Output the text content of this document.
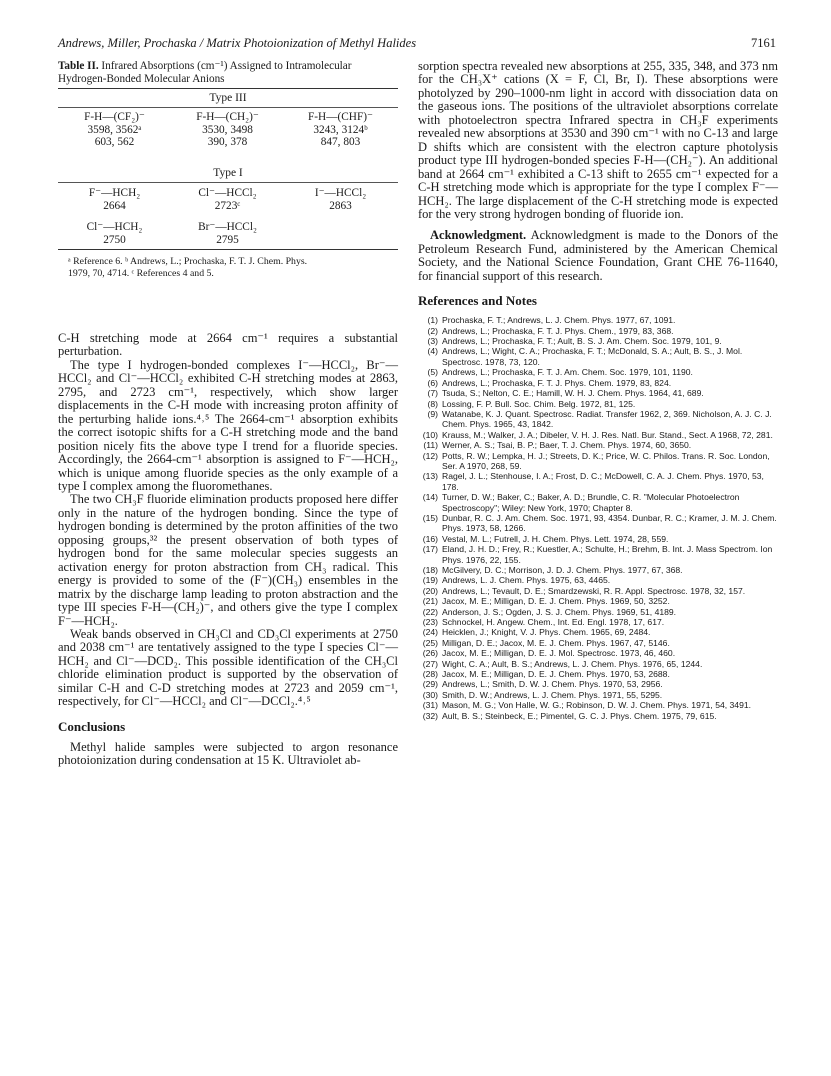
Andrews, Miller, Prochaska / Matrix Photoionization of Methyl Halides	7161
Table II. Infrared Absorptions (cm⁻¹) Assigned to Intramolecular Hydrogen-Bonded Molecular Anions
Type III
F-H—(CF₂)⁻	F-H—(CH₂)⁻	F-H—(CHF)⁻
3598, 3562ᵃ	3530, 3498	3243, 3124ᵇ
603, 562	390, 378	847, 803
Type I
F⁻—HCH₂	Cl⁻—HCCl₂	I⁻—HCCl₂
2664	2723ᶜ	2863
Cl⁻—HCH₂	Br⁻—HCCl₂
2750	2795
ᵃ Reference 6. ᵇ Andrews, L.; Prochaska, F. T. J. Chem. Phys.
1979, 70, 4714. ᶜ References 4 and 5.

C-H stretching mode at 2664 cm⁻¹ requires a substantial perturbation.

The type I hydrogen-bonded complexes I⁻—HCCl₂, Br⁻—HCCl₂ and Cl⁻—HCCl₂ exhibited C-H stretching modes at 2863, 2795, and 2723 cm⁻¹, respectively, which show larger displacements in the C-H mode with increasing proton affinity of the perturbing halide ions.⁴˒⁵ The 2664-cm⁻¹ absorption exhibits the correct isotopic shifts for a C-H stretching mode and the band position nicely fits the above type I trend for a fluoride species. Accordingly, the 2664-cm⁻¹ absorption is assigned to F⁻—HCH₂, which is unique among fluoride species as the only example of a type I complex among the fluoromethanes.

The two CH₃F fluoride elimination products proposed here differ only in the nature of the hydrogen bonding. Since the type of hydrogen bonding is determined by the proton affinities of the two opposing groups,³² the present observation of both types of hydrogen bond for the same molecular species suggests an activation energy for proton abstraction from CH₃ radical. This energy is provided to some of the (F⁻)(CH₃) ensembles in the matrix by the discharge lamp leading to proton abstraction and the type III species F-H—(CH₂)⁻, and others give the type I complex F⁻—HCH₂.

Weak bands observed in CH₃Cl and CD₃Cl experiments at 2750 and 2038 cm⁻¹ are tentatively assigned to the type I species Cl⁻—HCH₂ and Cl⁻—DCD₂. This possible identification of the CH₃Cl chloride elimination product is supported by the observation of similar C-H and C-D stretching modes at 2723 and 2059 cm⁻¹, respectively, for Cl⁻—HCCl₂ and Cl⁻—DCCl₂.⁴˒⁵

Conclusions

Methyl halide samples were subjected to argon resonance photoionization during condensation at 15 K. Ultraviolet ab-

sorption spectra revealed new absorptions at 255, 335, 348, and 373 nm for the CH₃X⁺ cations (X = F, Cl, Br, I). These absorptions were photolyzed by 290–1000-nm light in accord with dissociation data on the gaseous ions. The positions of the ultraviolet absorptions correlate with photoelectron spectra Infrared spectra in CH₃F experiments revealed new absorptions at 3530 and 390 cm⁻¹ with no C-13 and large D shifts which are consistent with the electron capture photolysis product type III hydrogen-bonded species F-H—(CH₂⁻). An additional band at 2664 cm⁻¹ exhibited a C-13 shift to 2655 cm⁻¹ expected for a C-H stretching mode which is appropriate for the type I complex F⁻—HCH₂. The large displacement of the C-H stretching mode is expected for the very strong hydrogen bonding of fluoride ion.

Acknowledgment. Acknowledgment is made to the Donors of the Petroleum Research Fund, administered by the American Chemical Society, and the National Science Foundation, Grant CHE 76-11640, for financial support of this research.

References and Notes
(1) Prochaska, F. T.; Andrews, L. J. Chem. Phys. 1977, 67, 1091.
(2) Andrews, L.; Prochaska, F. T. J. Phys. Chem., 1979, 83, 368.
(3) Andrews, L.; Prochaska, F. T.; Ault, B. S. J. Am. Chem. Soc. 1979, 101, 9.
(4) Andrews, L.; Wight, C. A.; Prochaska, F. T.; McDonald, S. A.; Ault, B. S., J. Mol. Spectrosc. 1978, 73, 120.
(5) Andrews, L.; Prochaska, F. T. J. Am. Chem. Soc. 1979, 101, 1190.
(6) Andrews, L.; Prochaska, F. T. J. Phys. Chem. 1979, 83, 824.
(7) Tsuda, S.; Nelton, C. E.; Hamill, W. H. J. Chem. Phys. 1964, 41, 689.
(8) Lossing, F. P. Bull. Soc. Chim. Belg. 1972, 81, 125.
(9) Watanabe, K. J. Quant. Spectrosc. Radiat. Transfer 1962, 2, 369. Nicholson, A. J. C. J. Chem. Phys. 1965, 43, 1842.
(10) Krauss, M.; Walker, J. A.; Dibeler, V. H. J. Res. Natl. Bur. Stand., Sect. A 1968, 72, 281.
(11) Werner, A. S.; Tsai, B. P.; Baer, T. J. Chem. Phys. 1974, 60, 3650.
(12) Potts, R. W.; Lempka, H. J.; Streets, D. K.; Price, W. C. Philos. Trans. R. Soc. London, Ser. A 1970, 268, 59.
(13) Ragel, J. L.; Stenhouse, I. A.; Frost, D. C.; McDowell, C. A. J. Chem. Phys. 1970, 53, 178.
(14) Turner, D. W.; Baker, C.; Baker, A. D.; Brundle, C. R. "Molecular Photoelectron Spectroscopy"; Wiley: New York, 1970; Chapter 8.
(15) Dunbar, R. C. J. Am. Chem. Soc. 1971, 93, 4354. Dunbar, R. C.; Kramer, J. M. J. Chem. Phys. 1973, 58, 1266.
(16) Vestal, M. L.; Futrell, J. H. Chem. Phys. Lett. 1974, 28, 559.
(17) Eland, J. H. D.; Frey, R.; Kuestler, A.; Schulte, H.; Brehm, B. Int. J. Mass Spectrom. Ion Phys. 1976, 22, 155.
(18) McGilvery, D. C.; Morrison, J. D. J. Chem. Phys. 1977, 67, 368.
(19) Andrews, L. J. Chem. Phys. 1975, 63, 4465.
(20) Andrews, L.; Tevault, D. E.; Smardzewski, R. R. Appl. Spectrosc. 1978, 32, 157.
(21) Jacox, M. E.; Milligan, D. E. J. Chem. Phys. 1969, 50, 3252.
(22) Anderson, J. S.; Ogden, J. S. J. Chem. Phys. 1969, 51, 4189.
(23) Schnockel, H. Angew. Chem., Int. Ed. Engl. 1978, 17, 617.
(24) Heicklen, J.; Knight, V. J. Phys. Chem. 1965, 69, 2484.
(25) Milligan, D. E.; Jacox, M. E. J. Chem. Phys. 1967, 47, 5146.
(26) Jacox, M. E.; Milligan, D. E. J. Mol. Spectrosc. 1973, 46, 460.
(27) Wight, C. A.; Ault, B. S.; Andrews, L. J. Chem. Phys. 1976, 65, 1244.
(28) Jacox, M. E.; Milligan, D. E. J. Chem. Phys. 1970, 53, 2688.
(29) Andrews, L.; Smith, D. W. J. Chem. Phys. 1970, 53, 2956.
(30) Smith, D. W.; Andrews, L. J. Chem. Phys. 1971, 55, 5295.
(31) Mason, M. G.; Von Halle, W. G.; Robinson, D. W. J. Chem. Phys. 1971, 54, 3491.
(32) Ault, B. S.; Steinbeck, E.; Pimentel, G. C. J. Phys. Chem. 1975, 79, 615.
